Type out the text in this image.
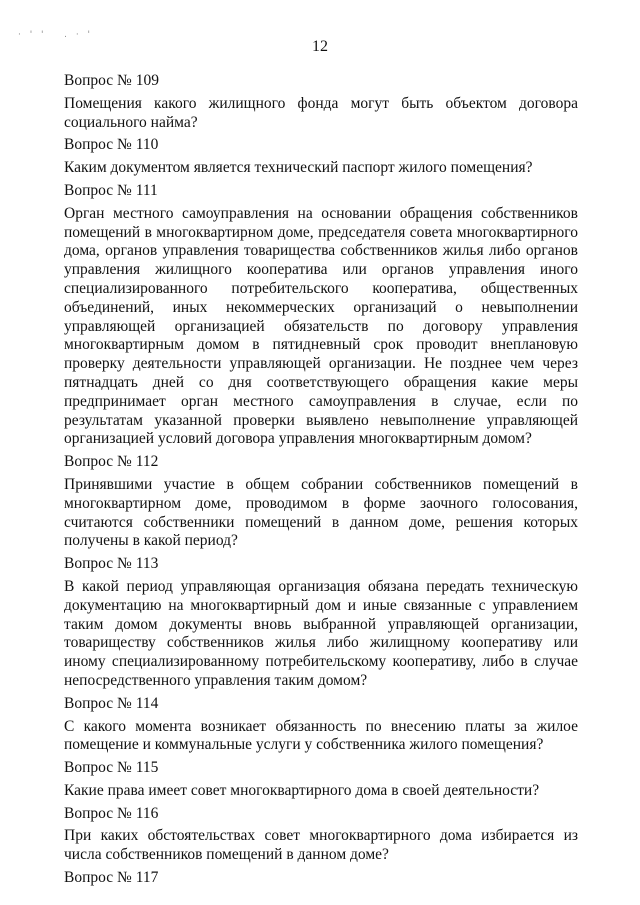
· ' '   . · '
12

Вопрос № 109

Помещения какого жилищного фонда могут быть объектом договора социального найма?

Вопрос № 110

Каким документом является технический паспорт жилого помещения?

Вопрос № 111

Орган местного самоуправления на основании обращения собственников помещений в многоквартирном доме, председателя совета многоквартирного дома, органов управления товарищества собственников жилья либо органов управления жилищного кооператива или органов управления иного специализированного потребительского кооператива, общественных объединений, иных некоммерческих организаций о невыполнении управляющей организацией обязательств по договору управления многоквартирным домом в пятидневный срок проводит внеплановую проверку деятельности управляющей организации. Не позднее чем через пятнадцать дней со дня соответствующего обращения какие меры предпринимает орган местного самоуправления в случае, если по результатам указанной проверки выявлено невыполнение управляющей организацией условий договора управления многоквартирным домом?

Вопрос № 112

Принявшими участие в общем собрании собственников помещений в многоквартирном доме, проводимом в форме заочного голосования, считаются собственники помещений в данном доме, решения которых получены в какой период?

Вопрос № 113

В какой период управляющая организация обязана передать техническую документацию на многоквартирный дом и иные связанные с управлением таким домом документы вновь выбранной управляющей организации, товариществу собственников жилья либо жилищному кооперативу или иному специализированному потребительскому кооперативу, либо в случае непосредственного управления таким домом?

Вопрос № 114

С какого момента возникает обязанность по внесению платы за жилое помещение и коммунальные услуги у собственника жилого помещения?

Вопрос № 115

Какие права имеет совет многоквартирного дома в своей деятельности?

Вопрос № 116

При каких обстоятельствах совет многоквартирного дома избирается из числа собственников помещений в данном доме?

Вопрос № 117
